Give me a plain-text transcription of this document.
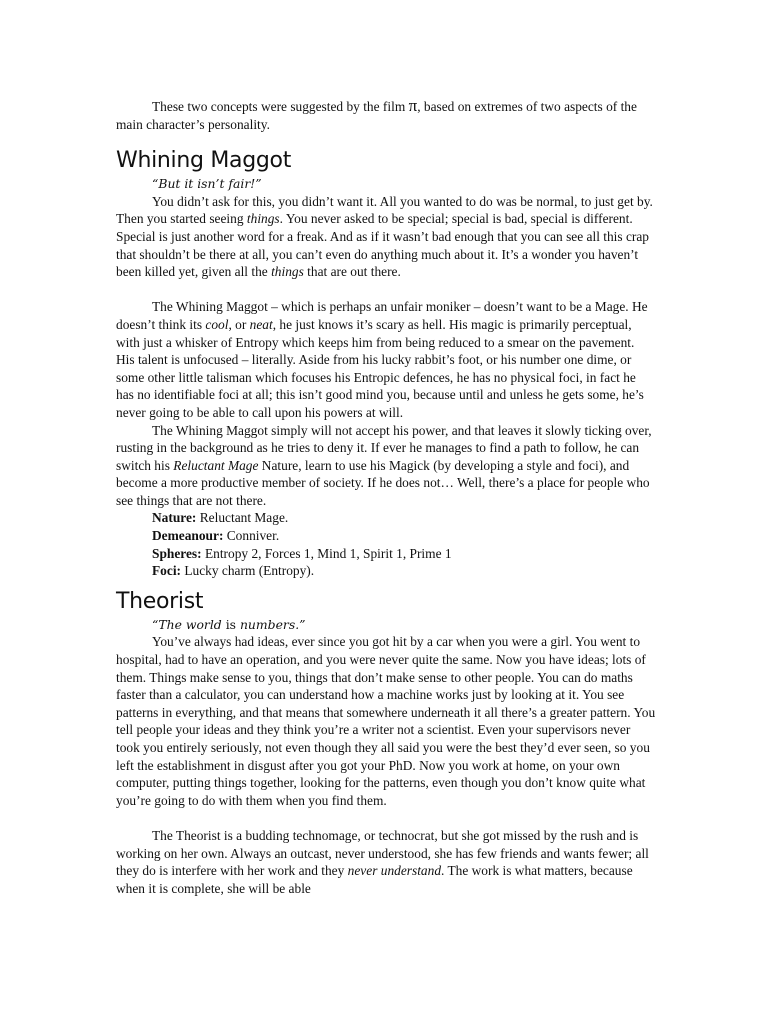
These two concepts were suggested by the film π, based on extremes of two aspects of the main character’s personality.

Whining Maggot

“But it isn’t fair!”

You didn’t ask for this, you didn’t want it. All you wanted to do was be normal, to just get by. Then you started seeing things. You never asked to be special; special is bad, special is different. Special is just another word for a freak. And as if it wasn’t bad enough that you can see all this crap that shouldn’t be there at all, you can’t even do anything much about it. It’s a wonder you haven’t been killed yet, given all the things that are out there.

The Whining Maggot – which is perhaps an unfair moniker – doesn’t want to be a Mage. He doesn’t think its cool, or neat, he just knows it’s scary as hell. His magic is primarily perceptual, with just a whisker of Entropy which keeps him from being reduced to a smear on the pavement. His talent is unfocused – literally. Aside from his lucky rabbit’s foot, or his number one dime, or some other little talisman which focuses his Entropic defences, he has no physical foci, in fact he has no identifiable foci at all; this isn’t good mind you, because until and unless he gets some, he’s never going to be able to call upon his powers at will.

The Whining Maggot simply will not accept his power, and that leaves it slowly ticking over, rusting in the background as he tries to deny it. If ever he manages to find a path to follow, he can switch his Reluctant Mage Nature, learn to use his Magick (by developing a style and foci), and become a more productive member of society. If he does not… Well, there’s a place for people who see things that are not there.

Nature: Reluctant Mage.

Demeanour: Conniver.

Spheres: Entropy 2, Forces 1, Mind 1, Spirit 1, Prime 1

Foci: Lucky charm (Entropy).

Theorist

“The world is numbers.”

You’ve always had ideas, ever since you got hit by a car when you were a girl. You went to hospital, had to have an operation, and you were never quite the same. Now you have ideas; lots of them. Things make sense to you, things that don’t make sense to other people. You can do maths faster than a calculator, you can understand how a machine works just by looking at it. You see patterns in everything, and that means that somewhere underneath it all there’s a greater pattern. You tell people your ideas and they think you’re a writer not a scientist. Even your supervisors never took you entirely seriously, not even though they all said you were the best they’d ever seen, so you left the establishment in disgust after you got your PhD. Now you work at home, on your own computer, putting things together, looking for the patterns, even though you don’t know quite what you’re going to do with them when you find them.

The Theorist is a budding technomage, or technocrat, but she got missed by the rush and is working on her own. Always an outcast, never understood, she has few friends and wants fewer; all they do is interfere with her work and they never understand. The work is what matters, because when it is complete, she will be able
